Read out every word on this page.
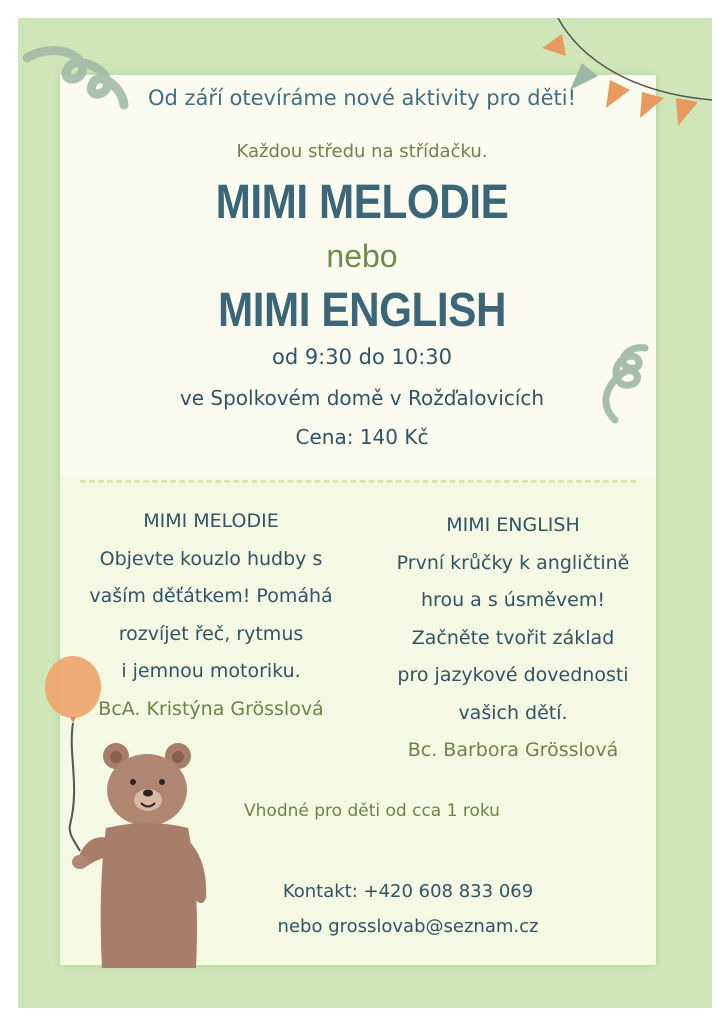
Od září otevíráme nové aktivity pro děti!
Každou středu na střídačku.
MIMI MELODIE
nebo
MIMI ENGLISH
od 9:30 do 10:30
ve Spolkovém domě v Rožďalovicích
Cena: 140 Kč
MIMI MELODIE
Objevte kouzlo hudby s
vaším děťátkem! Pomáhá
rozvíjet řeč, rytmus
i jemnou motoriku.
BcA. Kristýna Grösslová
MIMI ENGLISH
První krůčky k angličtině
hrou a s úsměvem!
Začněte tvořit základ
pro jazykové dovednosti
vašich dětí.
Bc. Barbora Grösslová
Vhodné pro děti od cca 1 roku
Kontakt: +420 608 833 069
nebo grosslovab@seznam.cz
